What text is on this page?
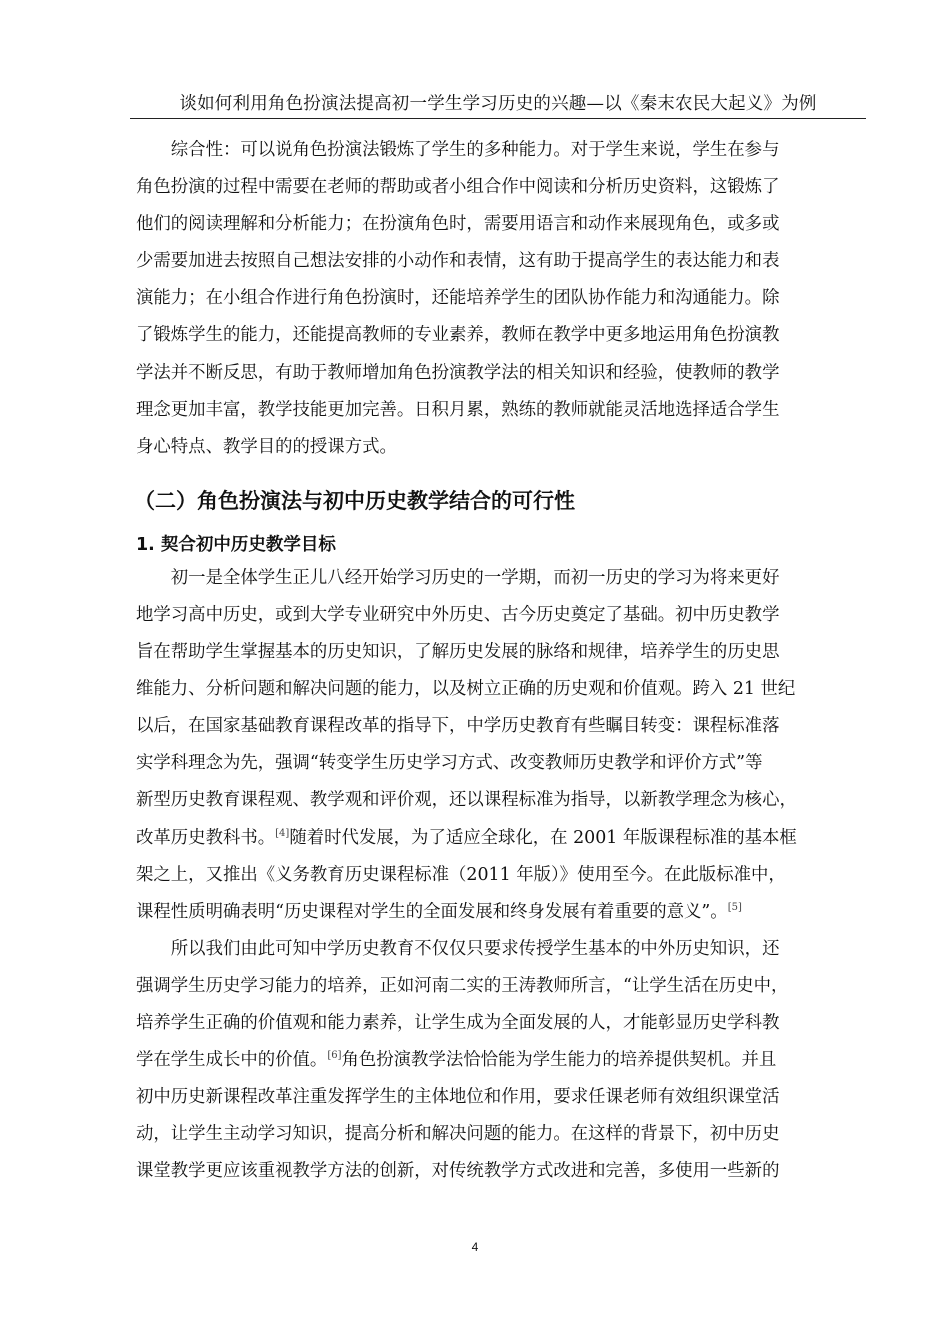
谈如何利用角色扮演法提高初一学生学习历史的兴趣—以《秦末农民大起义》为例

　　综合性：可以说角色扮演法锻炼了学生的多种能力。对于学生来说，学生在参与
角色扮演的过程中需要在老师的帮助或者小组合作中阅读和分析历史资料，这锻炼了
他们的阅读理解和分析能力；在扮演角色时，需要用语言和动作来展现角色，或多或
少需要加进去按照自己想法安排的小动作和表情，这有助于提高学生的表达能力和表
演能力；在小组合作进行角色扮演时，还能培养学生的团队协作能力和沟通能力。除
了锻炼学生的能力，还能提高教师的专业素养，教师在教学中更多地运用角色扮演教
学法并不断反思，有助于教师增加角色扮演教学法的相关知识和经验，使教师的教学
理念更加丰富，教学技能更加完善。日积月累，熟练的教师就能灵活地选择适合学生
身心特点、教学目的的授课方式。

（二）角色扮演法与初中历史教学结合的可行性
1. 契合初中历史教学目标

　　初一是全体学生正儿八经开始学习历史的一学期，而初一历史的学习为将来更好
地学习高中历史，或到大学专业研究中外历史、古今历史奠定了基础。初中历史教学
旨在帮助学生掌握基本的历史知识，了解历史发展的脉络和规律，培养学生的历史思
维能力、分析问题和解决问题的能力，以及树立正确的历史观和价值观。跨入 21 世纪
以后，在国家基础教育课程改革的指导下，中学历史教育有些瞩目转变：课程标准落
实学科理念为先，强调“转变学生历史学习方式、改变教师历史教学和评价方式”等
新型历史教育课程观、教学观和评价观，还以课程标准为指导，以新教学理念为核心，
改革历史教科书。[4]随着时代发展，为了适应全球化，在 2001 年版课程标准的基本框
架之上，又推出《义务教育历史课程标准（2011 年版）》使用至今。在此版标准中，
课程性质明确表明“历史课程对学生的全面发展和终身发展有着重要的意义”。[5]

　　所以我们由此可知中学历史教育不仅仅只要求传授学生基本的中外历史知识，还
强调学生历史学习能力的培养，正如河南二实的王涛教师所言，“让学生活在历史中，
培养学生正确的价值观和能力素养，让学生成为全面发展的人，才能彰显历史学科教
学在学生成长中的价值。[6]角色扮演教学法恰恰能为学生能力的培养提供契机。并且
初中历史新课程改革注重发挥学生的主体地位和作用，要求任课老师有效组织课堂活
动，让学生主动学习知识，提高分析和解决问题的能力。在这样的背景下，初中历史
课堂教学更应该重视教学方法的创新，对传统教学方式改进和完善，多使用一些新的

4
